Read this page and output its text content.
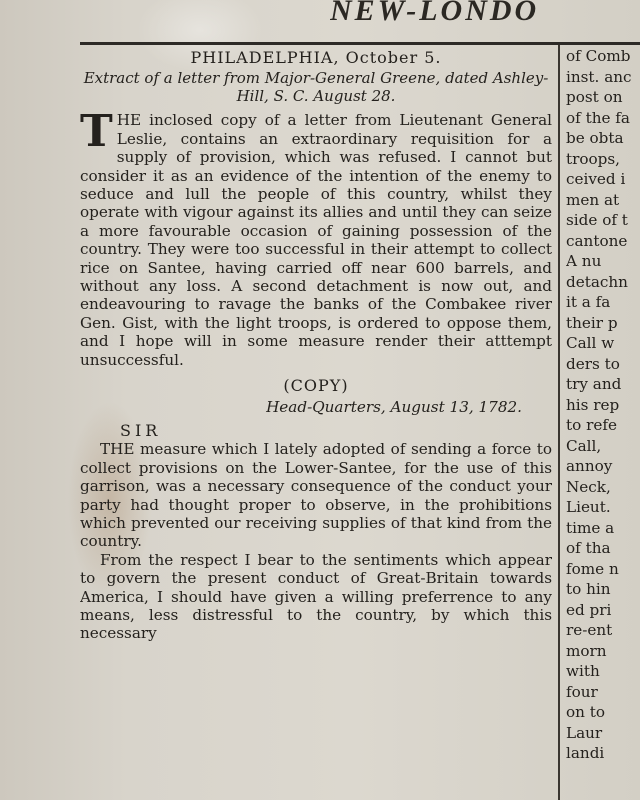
NEW-LONDO
PHILADELPHIA, October 5.
Extract of a letter from Major-General Greene, dated Ashley-Hill, S. C. August 28.

T HE inclosed copy of a letter from Lieutenant General Leslie, contains an extraordinary requisition for a supply of provision, which was refused. I cannot but consider it as an evidence of the intention of the enemy to seduce and lull the people of this country, whilst they operate with vigour against its allies and until they can seize a more favourable occasion of gaining possession of the country. They were too successful in their attempt to collect rice on Santee, having carried off near 600 barrels, and without any loss. A second detachment is now out, and endeavouring to ravage the banks of the Combakee river Gen. Gist, with the light troops, is ordered to oppose them, and I hope will in some measure render their atttempt unsuccessful.

(COPY)
Head-Quarters, August 13, 1782.
SIR

THE measure which I lately adopted of sending a force to collect provisions on the Lower-Santee, for the use of this garrison, was a necessary consequence of the conduct your party had thought proper to observe, in the prohibitions which prevented our receiving supplies of that kind from the country.

From the respect I bear to the sentiments which appear to govern the present conduct of Great-Britain towards America, I should have given a willing preferrence to any means, less distressful to the country, by which this necessary

of Comb
inst. anc
post on
of the fa
be obta
troops,
ceived i
men at
side of t
cantone
A nu
detachn
it a fa
their p
Call w
ders to
try and
his rep
to refe
Call,
annoy
Neck,
Lieut.
time a
of tha
fome n
to hin
ed pri
re-ent
morn
with
four
on to
Laur
landi
